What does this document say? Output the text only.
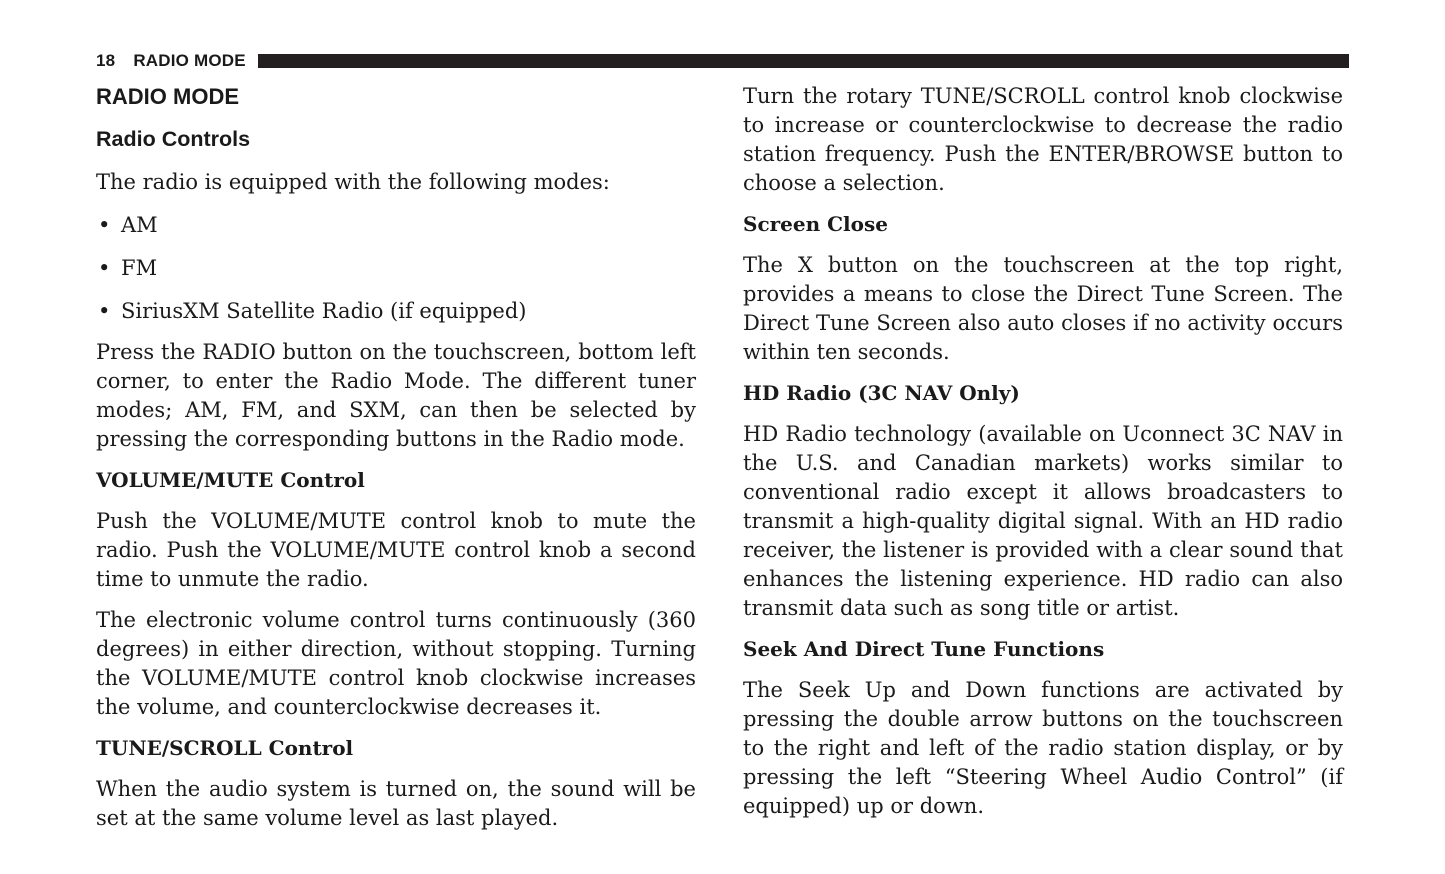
18 RADIO MODE
RADIO MODE
Radio Controls

The radio is equipped with the following modes:

• AM
• FM
• SiriusXM Satellite Radio (if equipped)

Press the RADIO button on the touchscreen, bottom left corner, to enter the Radio Mode. The different tuner modes; AM, FM, and SXM, can then be selected by pressing the corresponding buttons in the Radio mode.

VOLUME/MUTE Control

Push the VOLUME/MUTE control knob to mute the radio. Push the VOLUME/MUTE control knob a second time to unmute the radio.

The electronic volume control turns continuously (360 degrees) in either direction, without stopping. Turning the VOLUME/MUTE control knob clockwise increases the volume, and counterclockwise decreases it.

TUNE/SCROLL Control

When the audio system is turned on, the sound will be set at the same volume level as last played.

Turn the rotary TUNE/SCROLL control knob clockwise to increase or counterclockwise to decrease the radio station frequency. Push the ENTER/BROWSE button to choose a selection.

Screen Close

The X button on the touchscreen at the top right, provides a means to close the Direct Tune Screen. The Direct Tune Screen also auto closes if no activity occurs within ten seconds.

HD Radio (3C NAV Only)

HD Radio technology (available on Uconnect 3C NAV in the U.S. and Canadian markets) works similar to conventional radio except it allows broadcasters to transmit a high-quality digital signal. With an HD radio receiver, the listener is provided with a clear sound that enhances the listening experience. HD radio can also transmit data such as song title or artist.

Seek And Direct Tune Functions

The Seek Up and Down functions are activated by pressing the double arrow buttons on the touchscreen to the right and left of the radio station display, or by pressing the left “Steering Wheel Audio Control” (if equipped) up or down.
